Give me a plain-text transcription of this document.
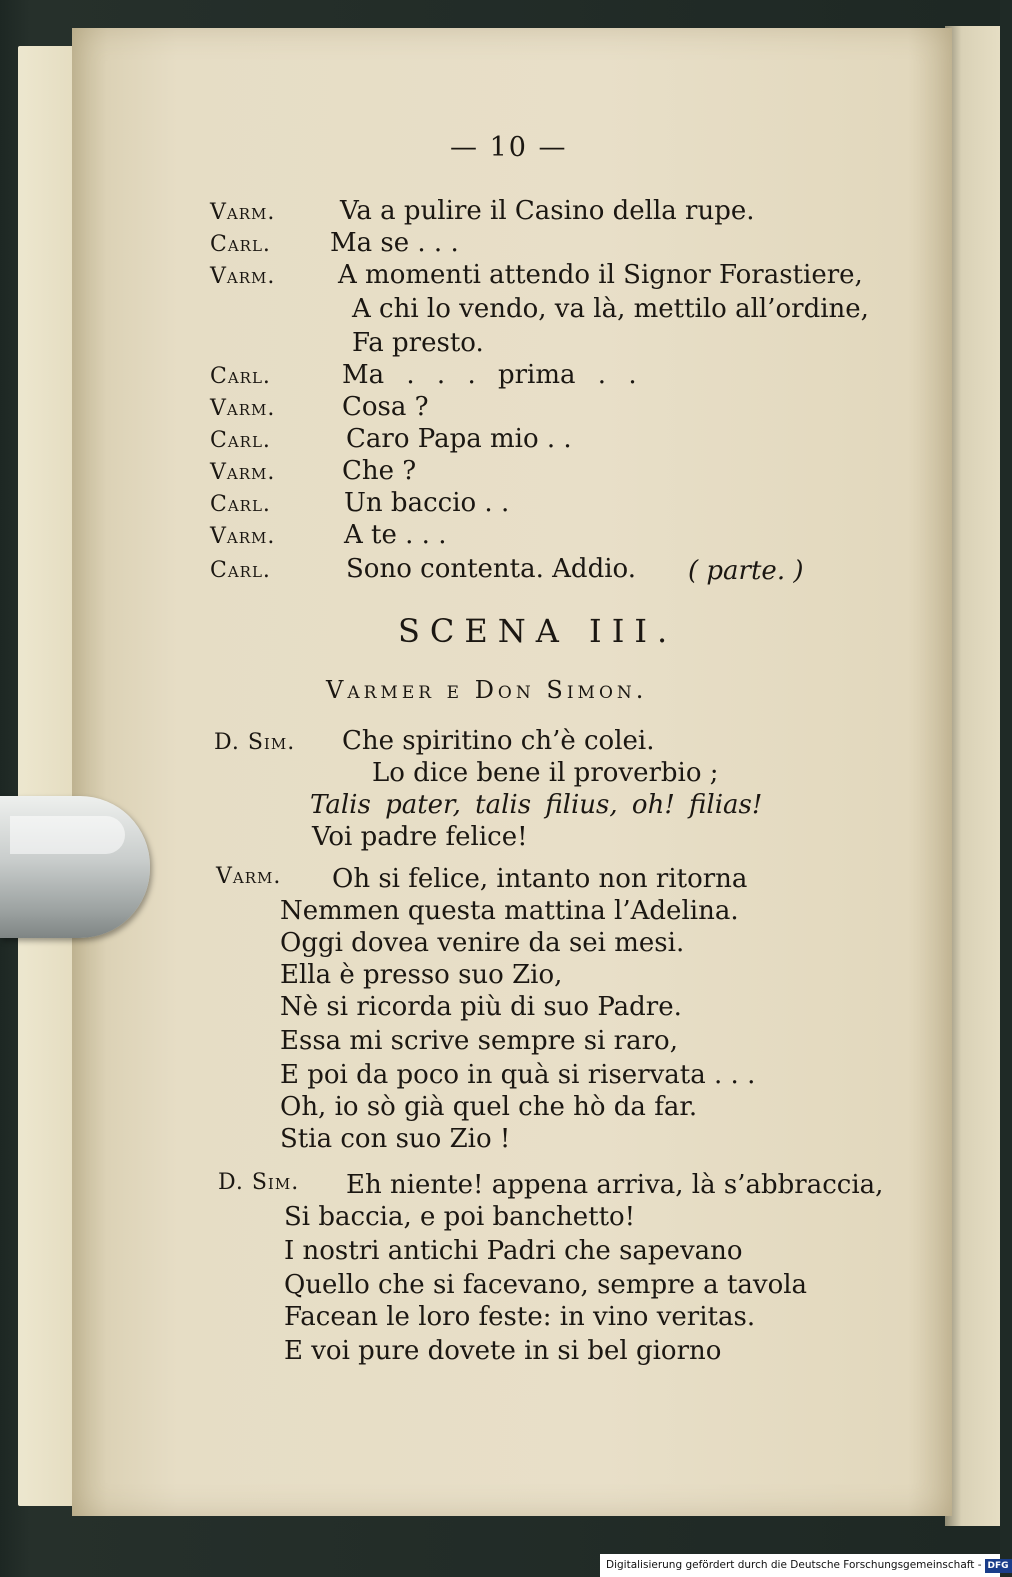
— 10 —
Varm. Va a pulire il Casino della rupe.
Carl. Ma se . . .
Varm. A momenti attendo il Signor Forastiere,
A chi lo vendo, va là, mettilo all’ordine,
Fa presto.
Carl.	Ma . . . prima . .
Varm.	Cosa ?
Carl.	Caro Papa mio . .
Varm.	Che ?
Carl.	Un baccio . .
Varm.	A te . . .
Carl.	Sono contenta. Addio. ( parte. )
SCENA III.
Varmer e Don Simon.
D. Sim. Che spiritino ch’è colei.
Lo dice bene il proverbio ;
Talis pater, talis filius, oh! filias!
Voi padre felice!
Varm. Oh si felice, intanto non ritorna
Nemmen questa mattina l’Adelina.
Oggi dovea venire da sei mesi.
Ella è presso suo Zio,
Nè si ricorda più di suo Padre.
Essa mi scrive sempre si raro,
E poi da poco in quà si riservata . . .
Oh, io sò già quel che hò da far.
Stia con suo Zio !
D. Sim. Eh niente! appena arriva, là s’abbraccia,
Si baccia, e poi banchetto!
I nostri antichi Padri che sapevano
Quello che si facevano, sempre a tavola
Facean le loro feste: in vino veritas.
E voi pure dovete in si bel giorno
Digitalisierung gefördert durch die Deutsche Forschungsgemeinschaft - DFG
